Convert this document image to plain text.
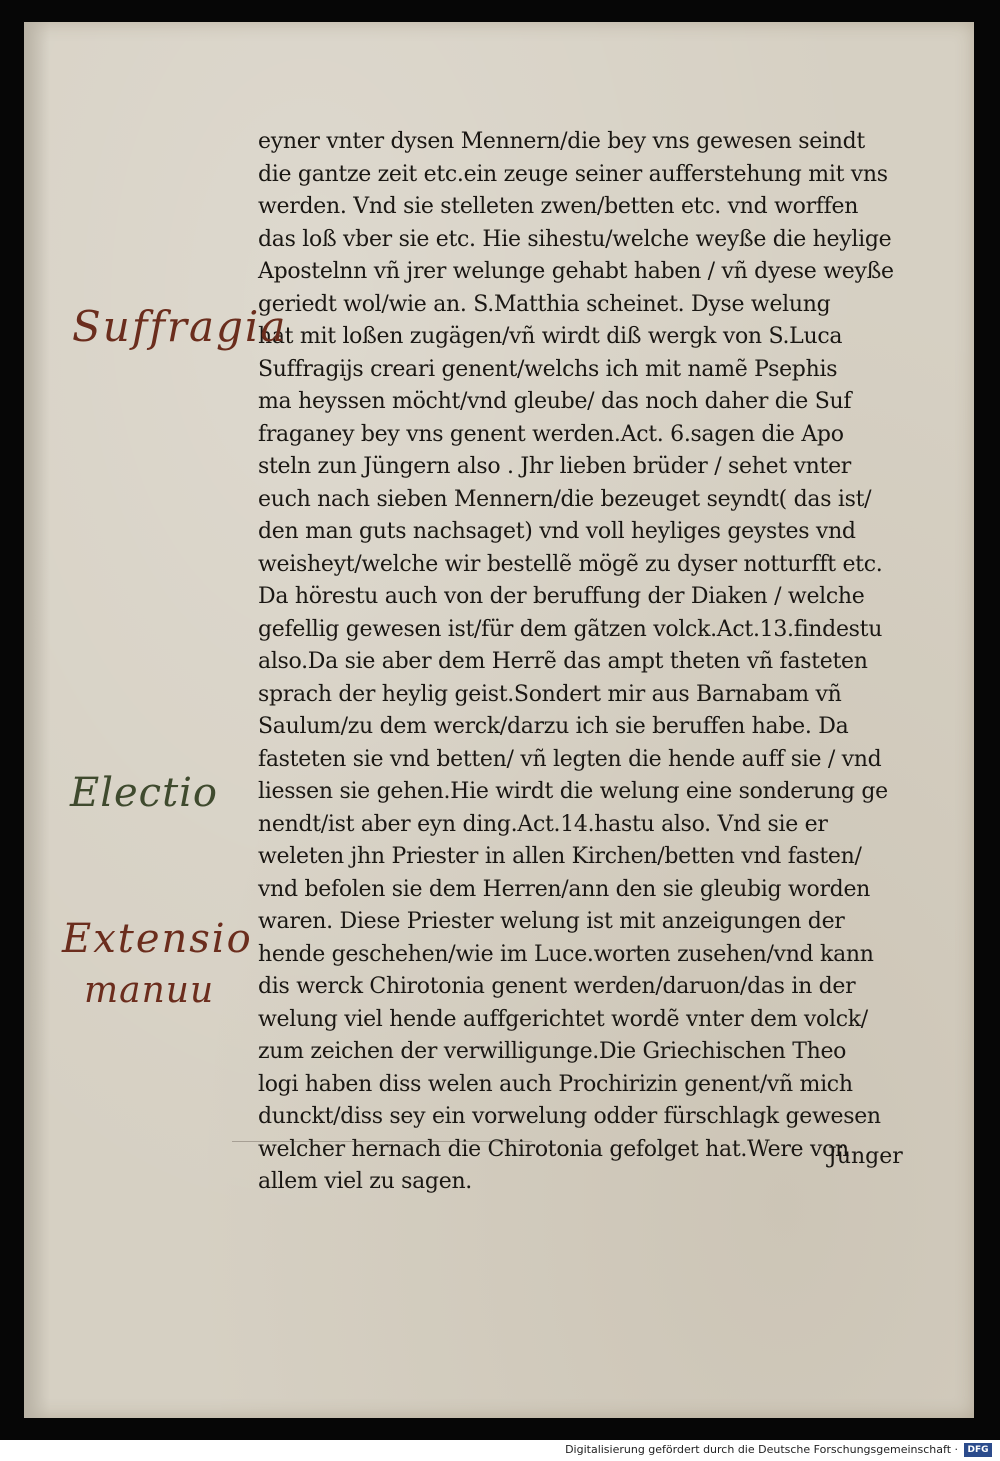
eyner vnter dysen Mennern/die bey vns gewesen seindt
die gantze zeit etc.ein zeuge seiner aufferstehung mit vns
werden. Vnd sie stelleten zwen/betten etc. vnd worffen
das loß vber sie etc. Hie sihestu/welche weyße die heylige
Apostelnn vñ jrer welunge gehabt haben / vñ dyese weyße
geriedt wol/wie an. S.Matthia scheinet. Dyse welung
hat mit loßen zugägen/vñ wirdt diß wergk von S.Luca
Suffragijs creari genent/welchs ich mit namẽ Psephis
ma heyssen möcht/vnd gleube/ das noch daher die Suf
fraganey bey vns genent werden.Act. 6.sagen die Apo
steln zun Jüngern also . Jhr lieben brüder / sehet vnter
euch nach sieben Mennern/die bezeuget seyndt( das ist/
den man guts nachsaget) vnd voll heyliges geystes vnd
weisheyt/welche wir bestellẽ mögẽ zu dyser notturfft etc.
Da hörestu auch von der beruffung der Diaken / welche
gefellig gewesen ist/für dem gãtzen volck.Act.13.findestu
also.Da sie aber dem Herrẽ das ampt theten vñ fasteten
sprach der heylig geist.Sondert mir aus Barnabam vñ
Saulum/zu dem werck/darzu ich sie beruffen habe. Da
fasteten sie vnd betten/ vñ legten die hende auff sie / vnd
liessen sie gehen.Hie wirdt die welung eine sonderung ge
nendt/ist aber eyn ding.Act.14.hastu also. Vnd sie er
weleten jhn Priester in allen Kirchen/betten vnd fasten/
vnd befolen sie dem Herren/ann den sie gleubig worden
waren. Diese Priester welung ist mit anzeigungen der
hende geschehen/wie im Luce.worten zusehen/vnd kann
dis werck Chirotonia genent werden/daruon/das in der
welung viel hende auffgerichtet wordẽ vnter dem volck/
zum zeichen der verwilligunge.Die Griechischen Theo
logi haben diss welen auch Prochirizin genent/vñ mich
dunckt/diss sey ein vorwelung odder fürschlagk gewesen
welcher hernach die Chirotonia gefolget hat.Were von
allem viel zu sagen.
Jünger
Suffragia
Electio
Extensio
manuu
Digitalisierung gefördert durch die Deutsche Forschungsgemeinschaft ·	DFG
